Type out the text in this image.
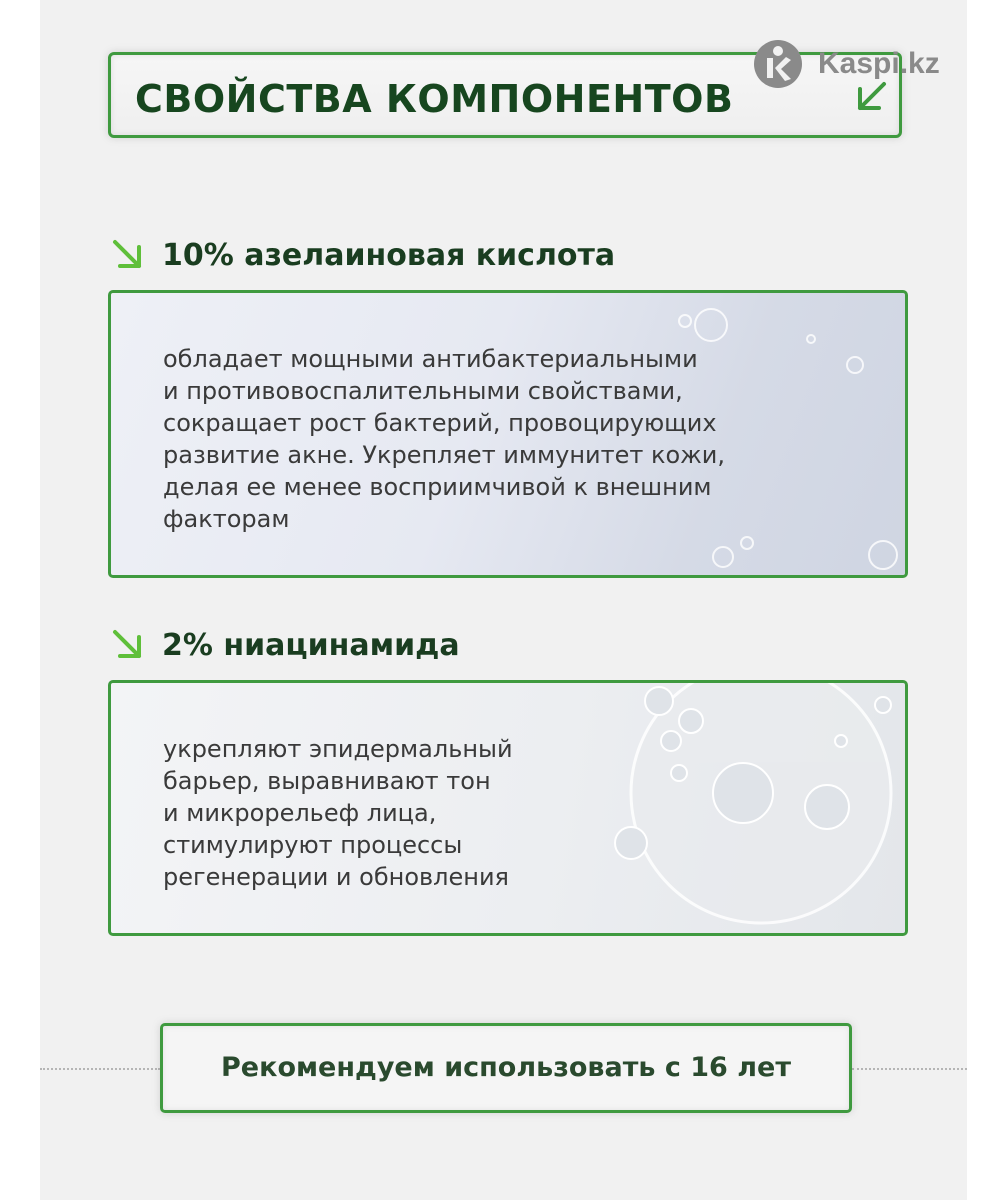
СВОЙСТВА КОМПОНЕНТОВ
Kaspi.kz
10% азелаиновая кислота
обладает мощными антибактериальными
и противовоспалительными свойствами,
сокращает рост бактерий, провоцирующих
развитие акне. Укрепляет иммунитет кожи,
делая ее менее восприимчивой к внешним
факторам
2% ниацинамида
укрепляют эпидермальный
барьер, выравнивают тон
и микрорельеф лица,
стимулируют процессы
регенерации и обновления
Рекомендуем использовать с 16 лет
